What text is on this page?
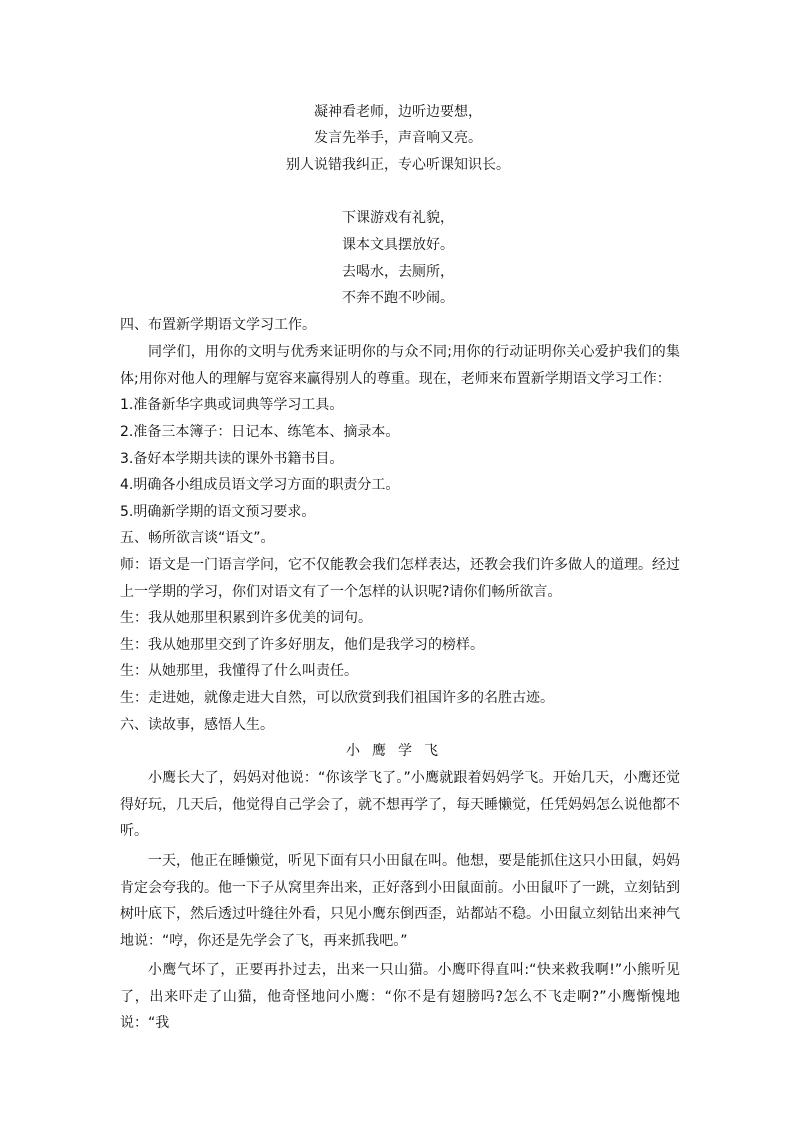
凝神看老师，边听边要想，
发言先举手，声音响又亮。
别人说错我纠正，专心听课知识长。
下课游戏有礼貌，
课本文具摆放好。
去喝水，去厕所，
不奔不跑不吵闹。
四、布置新学期语文学习工作。
同学们，用你的文明与优秀来证明你的与众不同;用你的行动证明你关心爱护我们的集体;用你对他人的理解与宽容来赢得别人的尊重。现在，老师来布置新学期语文学习工作：
1.准备新华字典或词典等学习工具。
2.准备三本簿子：日记本、练笔本、摘录本。
3.备好本学期共读的课外书籍书目。
4.明确各小组成员语文学习方面的职责分工。
5.明确新学期的语文预习要求。
五、畅所欲言谈“语文”。
师：语文是一门语言学问，它不仅能教会我们怎样表达，还教会我们许多做人的道理。经过上一学期的学习，你们对语文有了一个怎样的认识呢?请你们畅所欲言。
生：我从她那里积累到许多优美的词句。
生：我从她那里交到了许多好朋友，他们是我学习的榜样。
生：从她那里，我懂得了什么叫责任。
生：走进她，就像走进大自然，可以欣赏到我们祖国许多的名胜古迹。
六、读故事，感悟人生。
小鹰学飞
小鹰长大了，妈妈对他说：“你该学飞了。”小鹰就跟着妈妈学飞。开始几天，小鹰还觉得好玩，几天后，他觉得自己学会了，就不想再学了，每天睡懒觉，任凭妈妈怎么说他都不听。
一天，他正在睡懒觉，听见下面有只小田鼠在叫。他想，要是能抓住这只小田鼠，妈妈肯定会夸我的。他一下子从窝里奔出来，正好落到小田鼠面前。小田鼠吓了一跳，立刻钻到树叶底下，然后透过叶缝往外看，只见小鹰东倒西歪，站都站不稳。小田鼠立刻钻出来神气地说：“哼，你还是先学会了飞，再来抓我吧。”
小鹰气坏了，正要再扑过去，出来一只山猫。小鹰吓得直叫:“快来救我啊!”小熊听见了，出来吓走了山猫，他奇怪地问小鹰：“你不是有翅膀吗?怎么不飞走啊?”小鹰惭愧地说：“我
